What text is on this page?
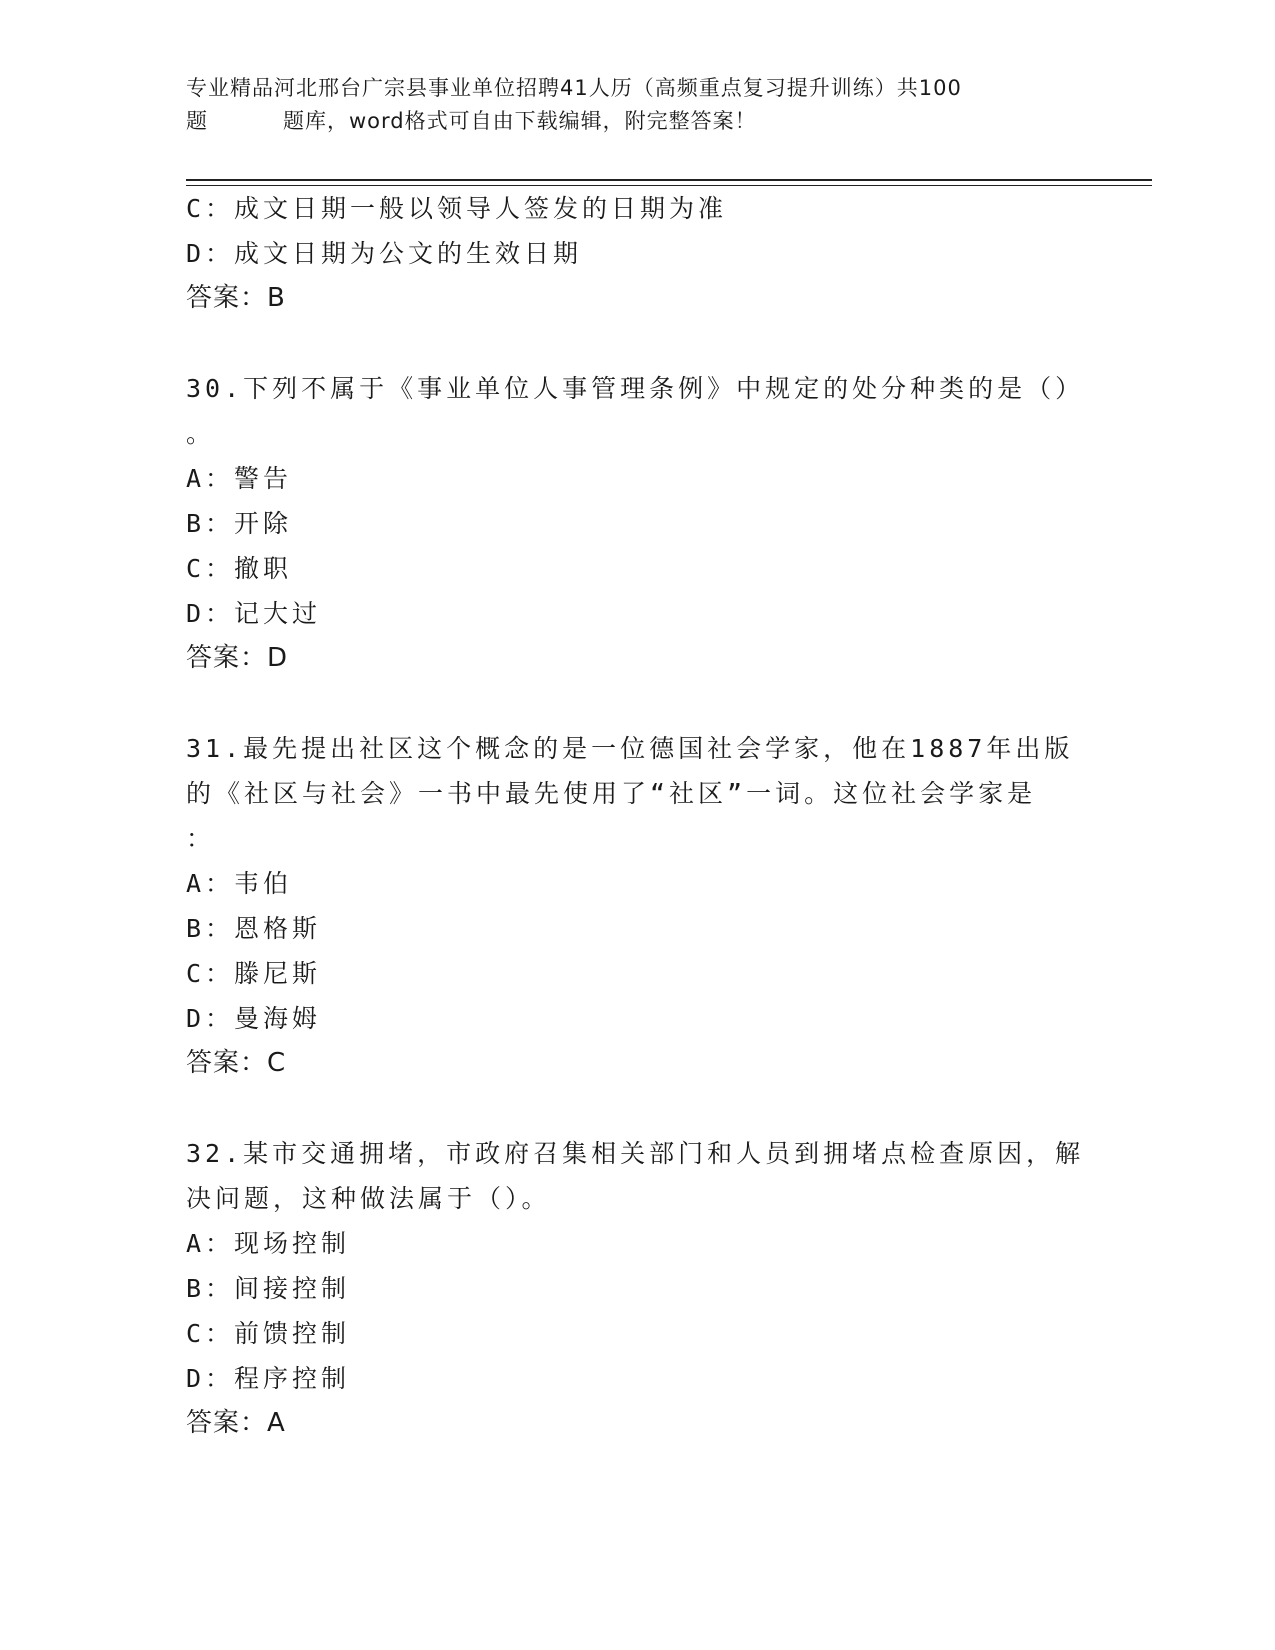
专业精品河北邢台广宗县事业单位招聘41人历（高频重点复习提升训练）共100

题	题库，word格式可自由下载编辑，附完整答案！
C：成文日期一般以领导人签发的日期为准
D：成文日期为公文的生效日期
答案：B
30.下列不属于《事业单位人事管理条例》中规定的处分种类的是（）
。
A：警告
B：开除
C：撤职
D：记大过
答案：D
31.最先提出社区这个概念的是一位德国社会学家，他在1887年出版
的《社区与社会》一书中最先使用了“社区”一词。这位社会学家是
：
A：韦伯
B：恩格斯
C：滕尼斯
D：曼海姆
答案：C
32.某市交通拥堵，市政府召集相关部门和人员到拥堵点检查原因，解
决问题，这种做法属于（）。
A：现场控制
B：间接控制
C：前馈控制
D：程序控制
答案：A
